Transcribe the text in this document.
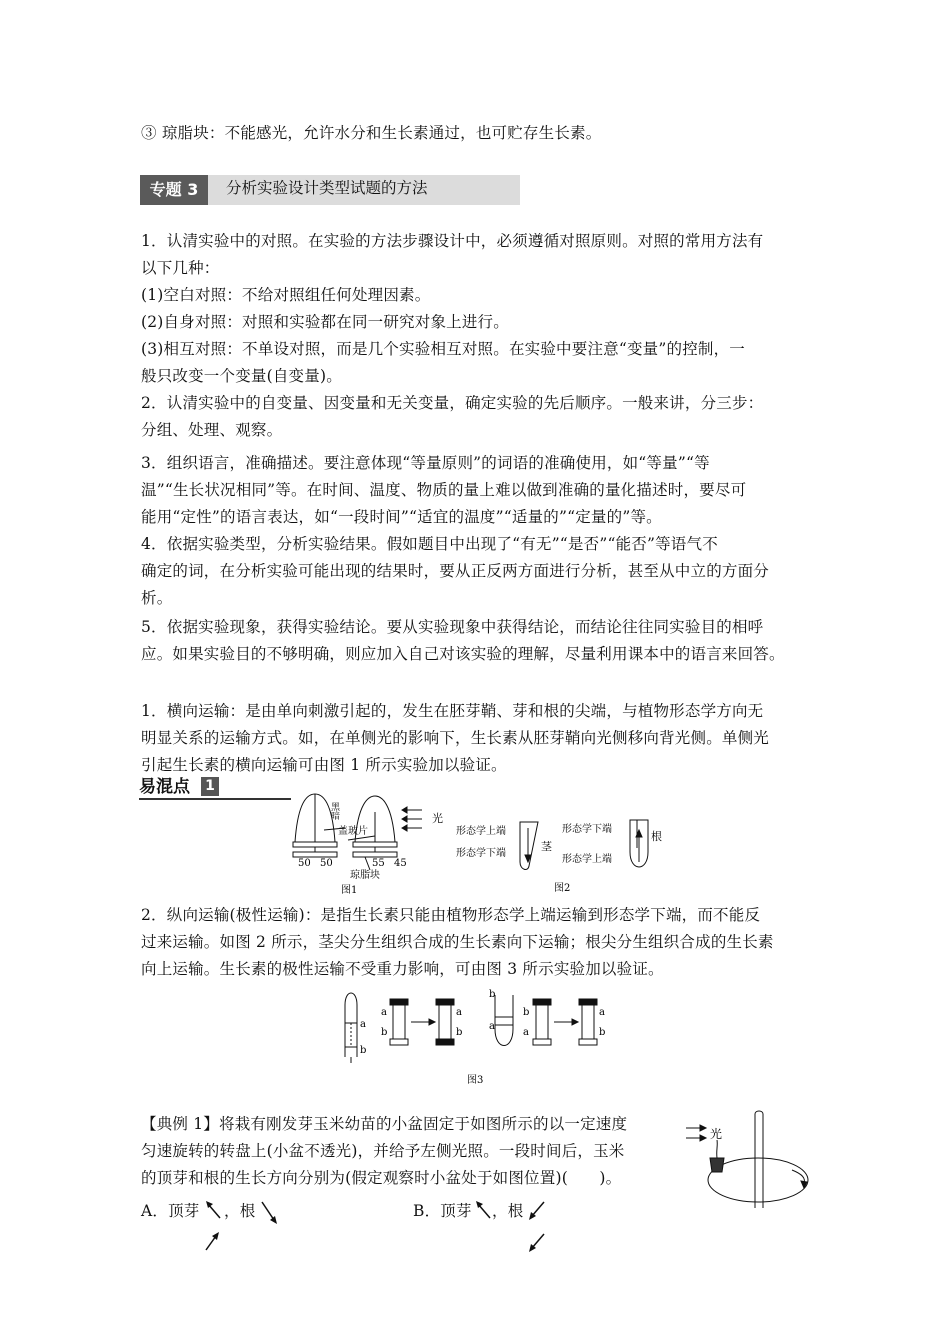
③ 琼脂块：不能感光，允许水分和生长素通过，也可贮存生长素。
专题 3	分析实验设计类型试题的方法
1．认清实验中的对照。在实验的方法步骤设计中，必须遵循对照原则。对照的常用方法有
以下几种：
(1)空白对照：不给对照组任何处理因素。
(2)自身对照：对照和实验都在同一研究对象上进行。
(3)相互对照：不单设对照，而是几个实验相互对照。在实验中要注意“变量”的控制，一
般只改变一个变量(自变量)。
2．认清实验中的自变量、因变量和无关变量，确定实验的先后顺序。一般来讲，分三步：
分组、处理、观察。
3．组织语言，准确描述。要注意体现“等量原则”的词语的准确使用，如“等量”“等
温”“生长状况相同”等。在时间、温度、物质的量上难以做到准确的量化描述时，要尽可
能用“定性”的语言表达，如“一段时间”“适宜的温度”“适量的”“定量的”等。
4．依据实验类型，分析实验结果。假如题目中出现了“有无”“是否”“能否”等语气不
确定的词，在分析实验可能出现的结果时，要从正反两方面进行分析，甚至从中立的方面分
析。
5．依据实验现象，获得实验结论。要从实验现象中获得结论，而结论往往同实验目的相呼
应。如果实验目的不够明确，则应加入自己对该实验的理解，尽量利用课本中的语言来回答。
1．横向运输：是由单向刺激引起的，发生在胚芽鞘、芽和根的尖端，与植物形态学方向无
明显关系的运输方式。如，在单侧光的影响下，生长素从胚芽鞘向光侧移向背光侧。单侧光
引起生长素的横向运输可由图 1 所示实验加以验证。
易混点 1
黑暗
盖玻片
光
50 50	55 45
琼脂块
图1
形态学上端
形态学下端
茎
形态学下端
形态学上端
根
图2
2．纵向运输(极性运输)：是指生长素只能由植物形态学上端运输到形态学下端，而不能反
过来运输。如图 2 所示，茎尖分生组织合成的生长素向下运输；根尖分生组织合成的生长素
向上运输。生长素的极性运输不受重力影响，可由图 3 所示实验加以验证。
a
b
a
b
a
b
b
a
b
a
a
b
图3
【典例 1】将栽有刚发芽玉米幼苗的小盆固定于如图所示的以一定速度
匀速旋转的转盘上(小盆不透光)，并给予左侧光照。一段时间后，玉米
的顶芽和根的生长方向分别为(假定观察时小盆处于如图位置)(　　)。
光
A．顶芽 ，根	B．顶芽 ，根
